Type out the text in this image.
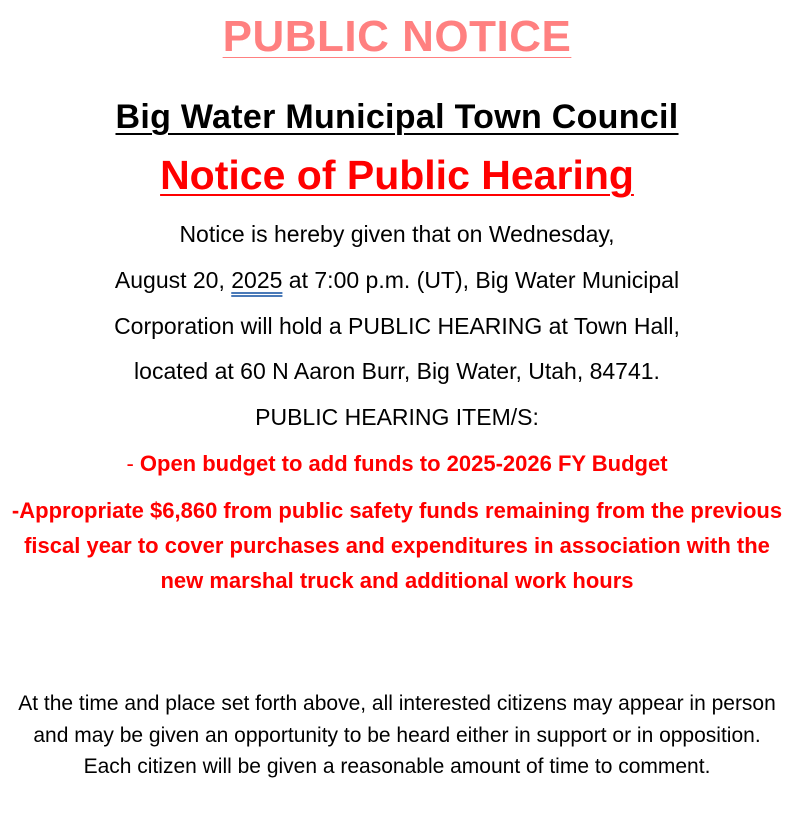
PUBLIC NOTICE
Big Water Municipal Town Council
Notice of Public Hearing
Notice is hereby given that on Wednesday,
August 20, 2025 at 7:00 p.m. (UT), Big Water Municipal
Corporation will hold a PUBLIC HEARING at Town Hall,
located at 60 N Aaron Burr, Big Water, Utah, 84741.
PUBLIC HEARING ITEM/S:
- Open budget to add funds to 2025-2026 FY Budget
-Appropriate $6,860 from public safety funds remaining from the previous fiscal year to cover purchases and expenditures in association with the new marshal truck and additional work hours
At the time and place set forth above, all interested citizens may appear in person and may be given an opportunity to be heard either in support or in opposition. Each citizen will be given a reasonable amount of time to comment.
